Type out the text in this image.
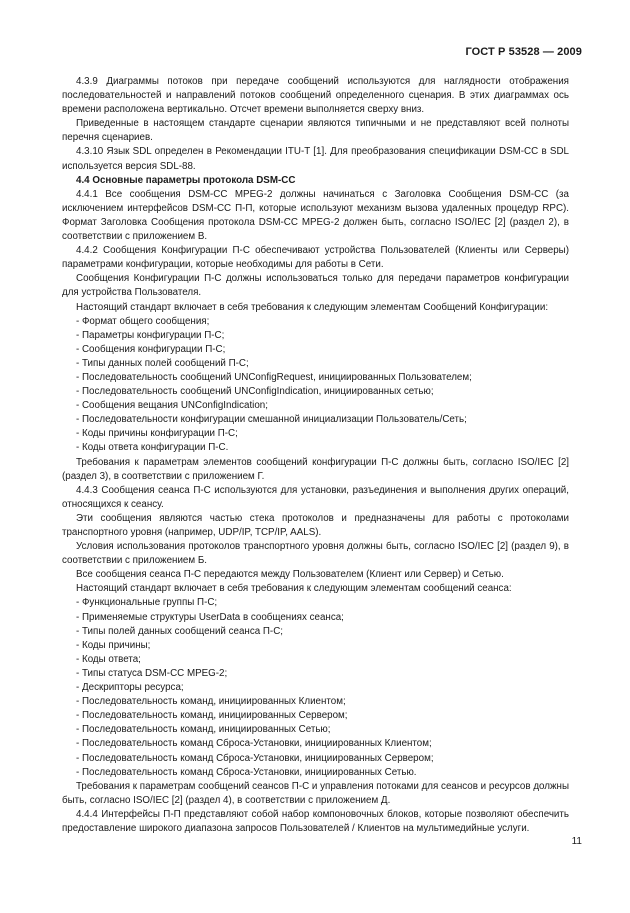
ГОСТ Р 53528 — 2009

4.3.9 Диаграммы потоков при передаче сообщений используются для наглядности отображения последовательностей и направлений потоков сообщений определенного сценария. В этих диаграммах ось времени расположена вертикально. Отсчет времени выполняется сверху вниз.

Приведенные в настоящем стандарте сценарии являются типичными и не представляют всей полноты перечня сценариев.

4.3.10 Язык SDL определен в Рекомендации ITU-T [1]. Для преобразования спецификации DSM-CC в SDL используется версия SDL-88.

4.4 Основные параметры протокола DSM-CC

4.4.1 Все сообщения DSM-CC MPEG-2 должны начинаться с Заголовка Сообщения DSM-CC (за исключением интерфейсов DSM-CC П-П, которые используют механизм вызова удаленных процедур RPC). Формат Заголовка Сообщения протокола DSM-CC MPEG-2 должен быть, согласно ISO/IEC [2] (раздел 2), в соответствии с приложением В.

4.4.2 Сообщения Конфигурации П-С обеспечивают устройства Пользователей (Клиенты или Серверы) параметрами конфигурации, которые необходимы для работы в Сети.

Сообщения Конфигурации П-С должны использоваться только для передачи параметров конфигурации для устройства Пользователя.

Настоящий стандарт включает в себя требования к следующим элементам Сообщений Конфигурации:

- Формат общего сообщения;

- Параметры конфигурации П-С;

- Сообщения конфигурации П-С;

- Типы данных полей сообщений П-С;

- Последовательность сообщений UNConfigRequest, инициированных Пользователем;

- Последовательность сообщений UNConfigIndication, инициированных сетью;

- Сообщения вещания UNConfigIndication;

- Последовательности конфигурации смешанной инициализации Пользователь/Сеть;

- Коды причины конфигурации П-С;

- Коды ответа конфигурации П-С.

Требования к параметрам элементов сообщений конфигурации П-С должны быть, согласно ISO/IEC [2] (раздел 3), в соответствии с приложением Г.

4.4.3 Сообщения сеанса П-С используются для установки, разъединения и выполнения других операций, относящихся к сеансу.

Эти сообщения являются частью стека протоколов и предназначены для работы с протоколами транспортного уровня (например, UDP/IP, TCP/IP, AALS).

Условия использования протоколов транспортного уровня должны быть, согласно ISO/IEC [2] (раздел 9), в соответствии с приложением Б.

Все сообщения сеанса П-С передаются между Пользователем (Клиент или Сервер) и Сетью.

Настоящий стандарт включает в себя требования к следующим элементам сообщений сеанса:

- Функциональные группы П-С;

- Применяемые структуры UserData в сообщениях сеанса;

- Типы полей данных сообщений сеанса П-С;

- Коды причины;

- Коды ответа;

- Типы статуса DSM-CC MPEG-2;

- Дескрипторы ресурса;

- Последовательность команд, инициированных Клиентом;

- Последовательность команд, инициированных Сервером;

- Последовательность команд, инициированных Сетью;

- Последовательность команд Сброса-Установки, инициированных Клиентом;

- Последовательность команд Сброса-Установки, инициированных Сервером;

- Последовательность команд Сброса-Установки, инициированных Сетью.

Требования к параметрам сообщений сеансов П-С и управления потоками для сеансов и ресурсов должны быть, согласно ISO/IEC [2] (раздел 4), в соответствии с приложением Д.

4.4.4 Интерфейсы П-П представляют собой набор компоновочных блоков, которые позволяют обеспечить предоставление широкого диапазона запросов Пользователей / Клиентов на мультимедийные услуги.

11
